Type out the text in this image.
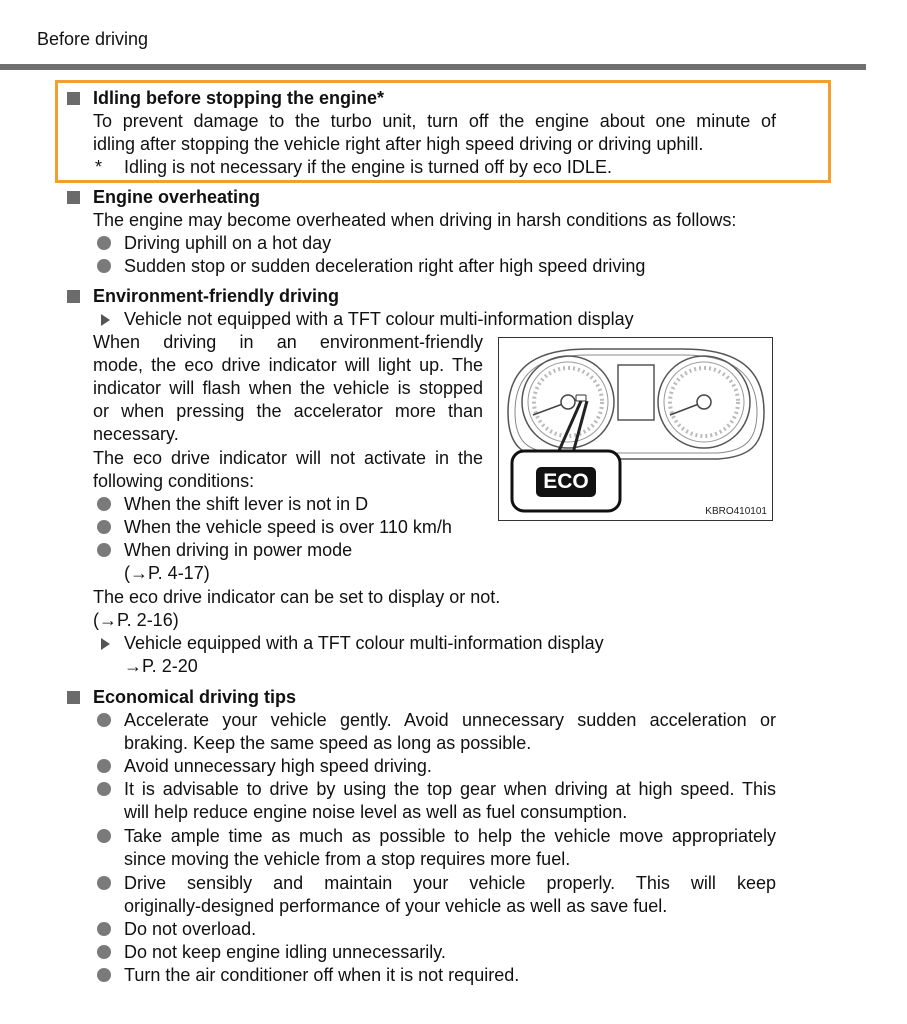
Before driving
Idling before stopping the engine*
To prevent damage to the turbo unit, turn off the engine about one minute of
idling after stopping the vehicle right after high speed driving or driving uphill.
* Idling is not necessary if the engine is turned off by eco IDLE.
Engine overheating
The engine may become overheated when driving in harsh conditions as follows:
Driving uphill on a hot day
Sudden stop or sudden deceleration right after high speed driving
Environment-friendly driving
Vehicle not equipped with a TFT colour multi-information display
When driving in an environment-friendly
mode, the eco drive indicator will light up. The
indicator will flash when the vehicle is stopped
or when pressing the accelerator more than
necessary.
The eco drive indicator will not activate in the
following conditions:
When the shift lever is not in D
When the vehicle speed is over 110 km/h
When driving in power mode
(→P. 4-17)
The eco drive indicator can be set to display or not.
(→P. 2-16)
Vehicle equipped with a TFT colour multi-information display
→P. 2-20
ECO
KBRO410101
Economical driving tips
Accelerate your vehicle gently. Avoid unnecessary sudden acceleration or
braking. Keep the same speed as long as possible.
Avoid unnecessary high speed driving.
It is advisable to drive by using the top gear when driving at high speed. This
will help reduce engine noise level as well as fuel consumption.
Take ample time as much as possible to help the vehicle move appropriately
since moving the vehicle from a stop requires more fuel.
Drive sensibly and maintain your vehicle properly. This will keep
originally-designed performance of your vehicle as well as save fuel.
Do not overload.
Do not keep engine idling unnecessarily.
Turn the air conditioner off when it is not required.
